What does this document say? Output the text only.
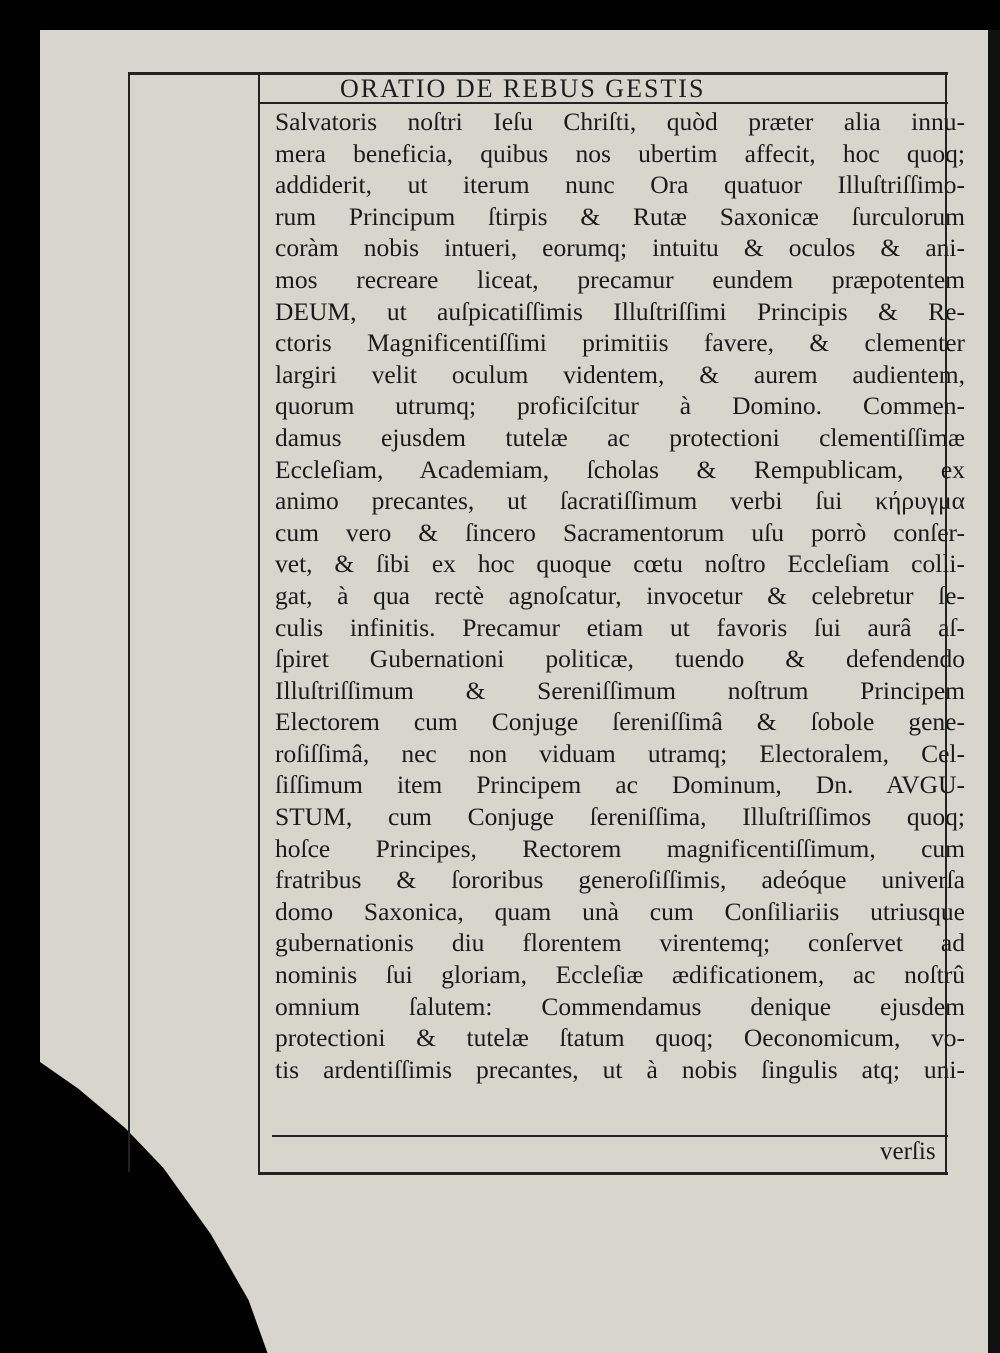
ORATIO DE REBUS GESTIS
Salvatoris noſtri Ieſu Chriſti, quòd præter alia innu-
mera beneficia, quibus nos ubertim affecit, hoc quoq;
addiderit, ut iterum nunc Ora quatuor Illuſtriſſimo-
rum Principum ſtirpis & Rutæ Saxonicæ ſurculorum
coràm nobis intueri, eorumq; intuitu & oculos & ani-
mos recreare liceat, precamur eundem præpotentem
DEUM, ut auſpicatiſſimis Illuſtriſſimi Principis & Re-
ctoris Magnificentiſſimi primitiis favere, & clementer
largiri velit oculum videntem, & aurem audientem,
quorum utrumq; proficiſcitur à Domino. Commen-
damus ejusdem tutelæ ac protectioni clementiſſimæ
Eccleſiam, Academiam, ſcholas & Rempublicam, ex
animo precantes, ut ſacratiſſimum verbi ſui κήρυγμα
cum vero & ſincero Sacramentorum uſu porrò conſer-
vet, & ſibi ex hoc quoque cœtu noſtro Eccleſiam colli-
gat, à qua rectè agnoſcatur, invocetur & celebretur ſe-
culis infinitis. Precamur etiam ut favoris ſui aurâ aſ-
ſpiret Gubernationi politicæ, tuendo & defendendo
Illuſtriſſimum & Sereniſſimum noſtrum Principem
Electorem cum Conjuge ſereniſſimâ & ſobole gene-
roſiſſimâ, nec non viduam utramq; Electoralem, Cel-
ſiſſimum item Principem ac Dominum, Dn. AVGU-
STUM, cum Conjuge ſereniſſima, Illuſtriſſimos quoq;
hoſce Principes, Rectorem magnificentiſſimum, cum
fratribus & ſororibus generoſiſſimis, adeóque univerſa
domo Saxonica, quam unà cum Conſiliariis utriusque
gubernationis diu florentem virentemq; conſervet ad
nominis ſui gloriam, Eccleſiæ ædificationem, ac noſtrû
omnium ſalutem: Commendamus denique ejusdem
protectioni & tutelæ ſtatum quoq; Oeconomicum, vo-
tis ardentiſſimis precantes, ut à nobis ſingulis atq; uni-
verſis
